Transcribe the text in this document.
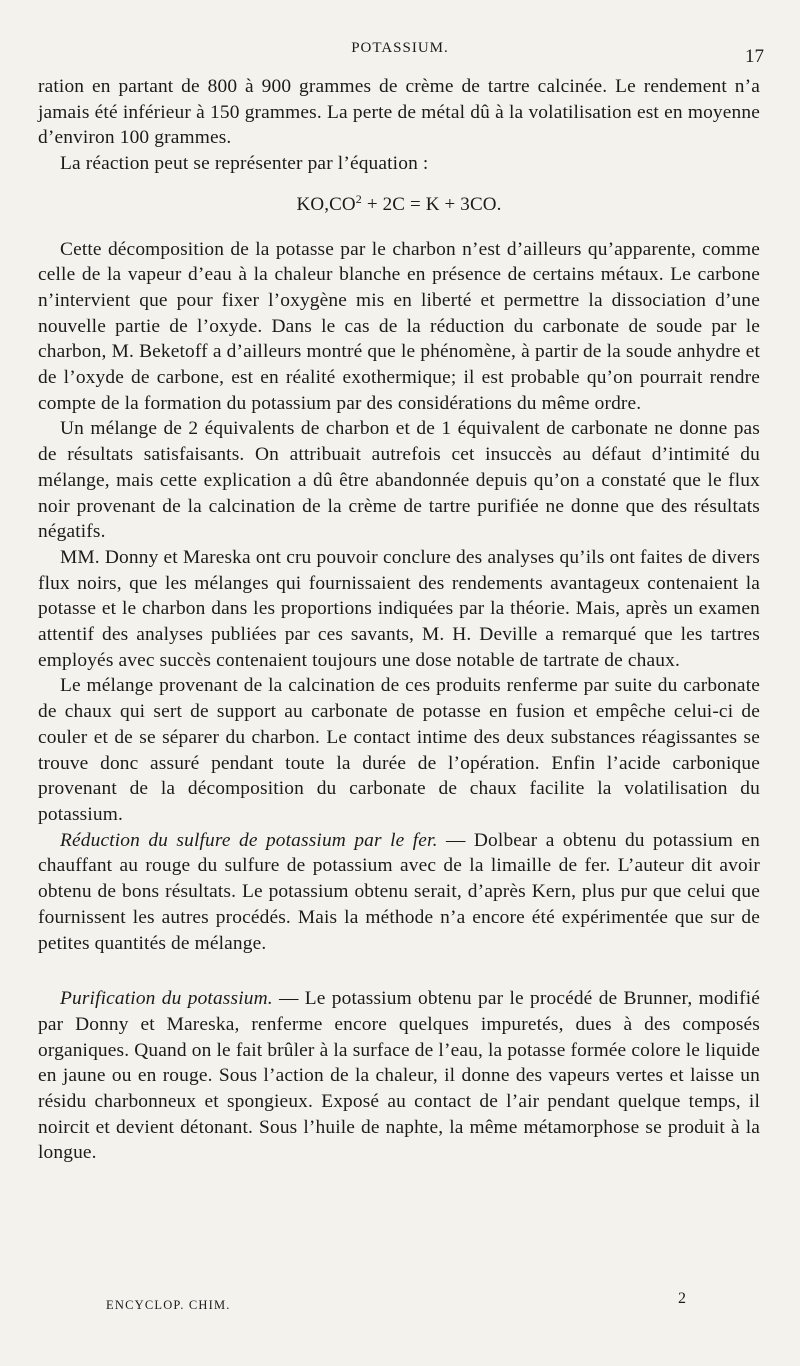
POTASSIUM.	17

ration en partant de 800 à 900 grammes de crème de tartre calcinée. Le rendement n’a jamais été inférieur à 150 grammes. La perte de métal dû à la volatilisation est en moyenne d’environ 100 grammes.

La réaction peut se représenter par l’équation :

$KO,CO^2 + 2C = K + 3CO$.

Cette décomposition de la potasse par le charbon n’est d’ailleurs qu’apparente, comme celle de la vapeur d’eau à la chaleur blanche en présence de certains métaux. Le carbone n’intervient que pour fixer l’oxygène mis en liberté et permettre la dissociation d’une nouvelle partie de l’oxyde. Dans le cas de la réduction du carbonate de soude par le charbon, M. Beketoff a d’ailleurs montré que le phénomène, à partir de la soude anhydre et de l’oxyde de carbone, est en réalité exothermique; il est probable qu’on pourrait rendre compte de la formation du potassium par des considérations du même ordre.

Un mélange de 2 équivalents de charbon et de 1 équivalent de carbonate ne donne pas de résultats satisfaisants. On attribuait autrefois cet insuccès au défaut d’intimité du mélange, mais cette explication a dû être abandonnée depuis qu’on a constaté que le flux noir provenant de la calcination de la crème de tartre purifiée ne donne que des résultats négatifs.

MM. Donny et Mareska ont cru pouvoir conclure des analyses qu’ils ont faites de divers flux noirs, que les mélanges qui fournissaient des rendements avantageux contenaient la potasse et le charbon dans les proportions indiquées par la théorie. Mais, après un examen attentif des analyses publiées par ces savants, M. H. Deville a remarqué que les tartres employés avec succès contenaient toujours une dose notable de tartrate de chaux.

Le mélange provenant de la calcination de ces produits renferme par suite du carbonate de chaux qui sert de support au carbonate de potasse en fusion et empêche celui-ci de couler et de se séparer du charbon. Le contact intime des deux substances réagissantes se trouve donc assuré pendant toute la durée de l’opération. Enfin l’acide carbonique provenant de la décomposition du carbonate de chaux facilite la volatilisation du potassium.

Réduction du sulfure de potassium par le fer. — Dolbear a obtenu du potassium en chauffant au rouge du sulfure de potassium avec de la limaille de fer. L’auteur dit avoir obtenu de bons résultats. Le potassium obtenu serait, d’après Kern, plus pur que celui que fournissent les autres procédés. Mais la méthode n’a encore été expérimentée que sur de petites quantités de mélange.

Purification du potassium. — Le potassium obtenu par le procédé de Brunner, modifié par Donny et Mareska, renferme encore quelques impuretés, dues à des composés organiques. Quand on le fait brûler à la surface de l’eau, la potasse formée colore le liquide en jaune ou en rouge. Sous l’action de la chaleur, il donne des vapeurs vertes et laisse un résidu charbonneux et spongieux. Exposé au contact de l’air pendant quelque temps, il noircit et devient détonant. Sous l’huile de naphte, la même métamorphose se produit à la longue.

ENCYCLOP. CHIM.	2
